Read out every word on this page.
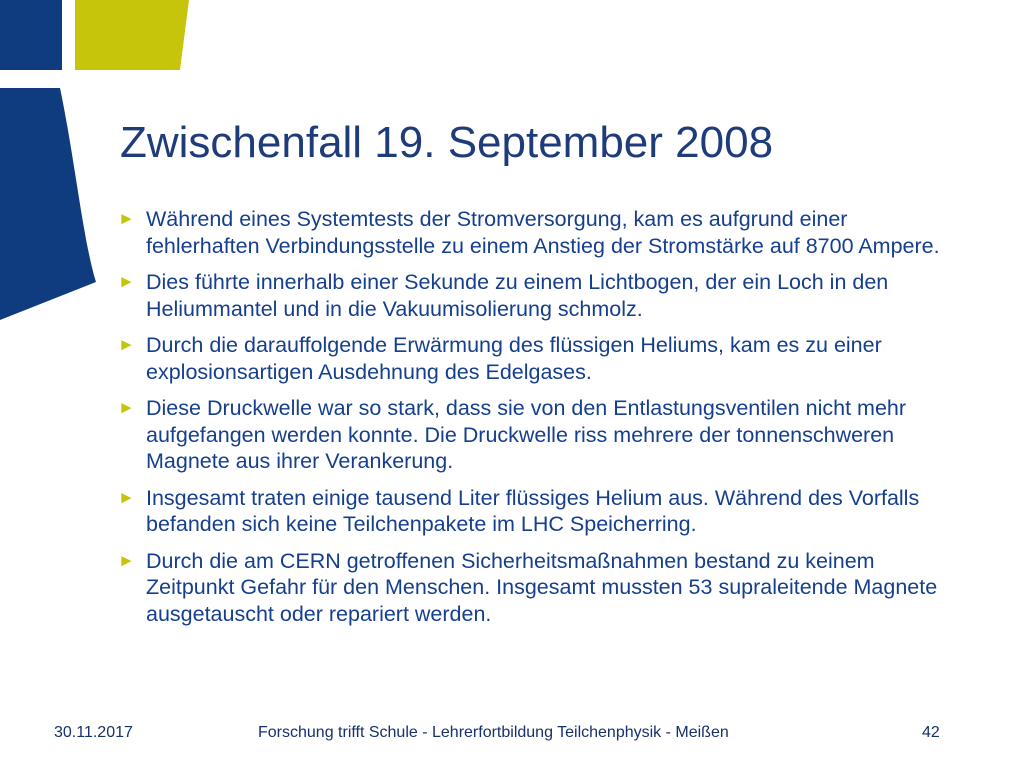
Zwischenfall 19. September 2008
► Während eines Systemtests der Stromversorgung, kam es aufgrund einer fehlerhaften Verbindungsstelle zu einem Anstieg der Stromstärke auf 8700 Ampere.
► Dies führte innerhalb einer Sekunde zu einem Lichtbogen, der ein Loch in den Heliummantel und in die Vakuumisolierung schmolz.
► Durch die darauffolgende Erwärmung des flüssigen Heliums, kam es zu einer explosionsartigen Ausdehnung des Edelgases.
► Diese Druckwelle war so stark, dass sie von den Entlastungsventilen nicht mehr aufgefangen werden konnte. Die Druckwelle riss mehrere der tonnenschweren Magnete aus ihrer Verankerung.
► Insgesamt traten einige tausend Liter flüssiges Helium aus. Während des Vorfalls befanden sich keine Teilchenpakete im LHC Speicherring.
► Durch die am CERN getroffenen Sicherheitsmaßnahmen bestand zu keinem Zeitpunkt Gefahr für den Menschen. Insgesamt mussten 53 supraleitende Magnete ausgetauscht oder repariert werden.
30.11.2017	Forschung trifft Schule - Lehrerfortbildung Teilchenphysik - Meißen	42
